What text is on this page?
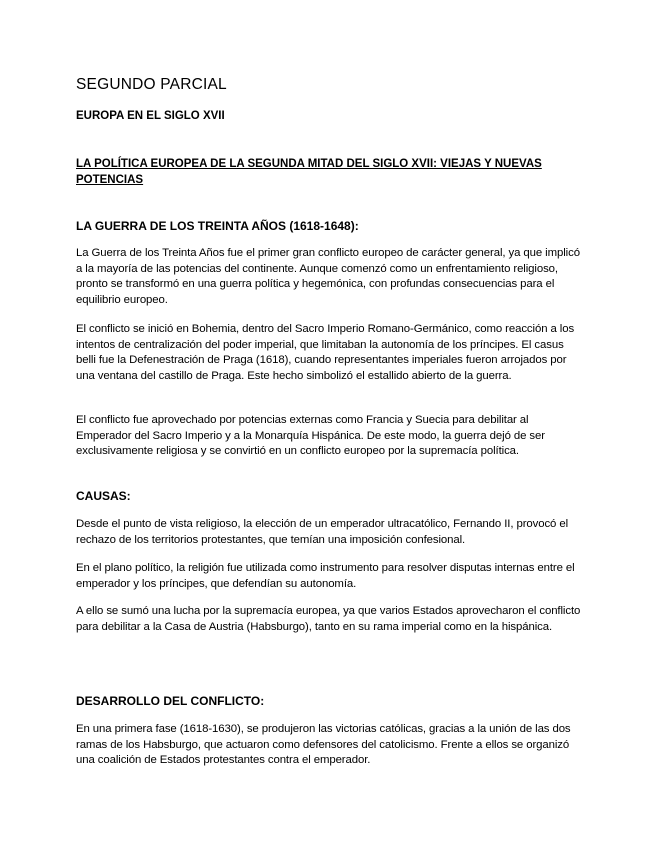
SEGUNDO PARCIAL
EUROPA EN EL SIGLO XVII
LA POLÍTICA EUROPEA DE LA SEGUNDA MITAD DEL SIGLO XVII: VIEJAS Y NUEVAS POTENCIAS
LA GUERRA DE LOS TREINTA AÑOS (1618-1648):
La Guerra de los Treinta Años fue el primer gran conflicto europeo de carácter general, ya que implicó a la mayoría de las potencias del continente. Aunque comenzó como un enfrentamiento religioso, pronto se transformó en una guerra política y hegemónica, con profundas consecuencias para el equilibrio europeo.
El conflicto se inició en Bohemia, dentro del Sacro Imperio Romano-Germánico, como reacción a los intentos de centralización del poder imperial, que limitaban la autonomía de los príncipes. El casus belli fue la Defenestración de Praga (1618), cuando representantes imperiales fueron arrojados por una ventana del castillo de Praga. Este hecho simbolizó el estallido abierto de la guerra.
El conflicto fue aprovechado por potencias externas como Francia y Suecia para debilitar al Emperador del Sacro Imperio y a la Monarquía Hispánica. De este modo, la guerra dejó de ser exclusivamente religiosa y se convirtió en un conflicto europeo por la supremacía política.
CAUSAS:
Desde el punto de vista religioso, la elección de un emperador ultracatólico, Fernando II, provocó el rechazo de los territorios protestantes, que temían una imposición confesional.
En el plano político, la religión fue utilizada como instrumento para resolver disputas internas entre el emperador y los príncipes, que defendían su autonomía.
A ello se sumó una lucha por la supremacía europea, ya que varios Estados aprovecharon el conflicto para debilitar a la Casa de Austria (Habsburgo), tanto en su rama imperial como en la hispánica.
DESARROLLO DEL CONFLICTO:
En una primera fase (1618-1630), se produjeron las victorias católicas, gracias a la unión de las dos ramas de los Habsburgo, que actuaron como defensores del catolicismo. Frente a ellos se organizó una coalición de Estados protestantes contra el emperador.
